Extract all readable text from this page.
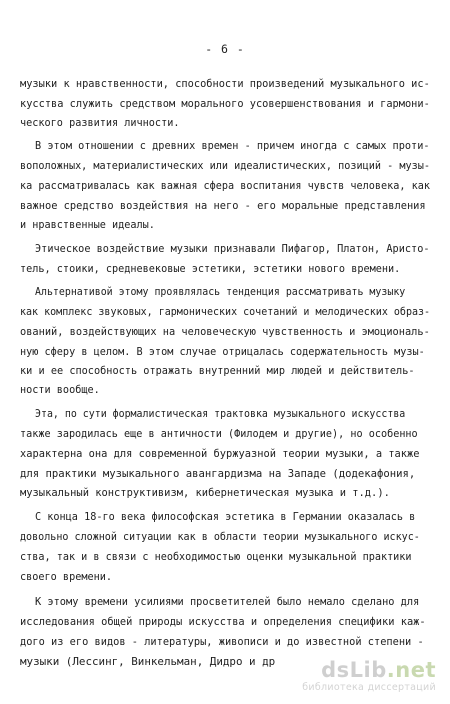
- 6 -
музыки к нравственности, способности произведений музыкального ис-
кусства служить средством морального усовершенствования и гармони-
ческого развития личности.
В этом отношении с древних времен - причем иногда с самых проти-
воположных, материалистических или идеалистических, позиций - музы-
ка рассматривалась как важная сфера воспитания чувств человека, как
важное средство воздействия на него - его моральные представления
и нравственные идеалы.
Этическое воздействие музыки признавали Пифагор, Платон, Аристо-
тель, стоики, средневековые эстетики, эстетики нового времени.
Альтернативой этому проявлялась тенденция рассматривать музыку
как комплекс звуковых, гармонических сочетаний и мелодических образ-
ований, воздействующих на человеческую чувственность и эмоциональ-
ную сферу в целом. В этом случае отрицалась содержательность музы-
ки и ее способность отражать внутренний мир людей и действитель-
ности вообще.
Эта, по сути формалистическая трактовка музыкального искусства
также зародилась еще в античности (Филодем и другие), но особенно
характерна она для современной буржуазной теории музыки, а также
для практики музыкального авангардизма на Западе (додекафония,
музыкальный конструктивизм, кибернетическая музыка и т.д.).
С конца 18-го века философская эстетика в Германии оказалась в
довольно сложной ситуации как в области теории музыкального искус-
ства, так и в связи с необходимостью оценки музыкальной практики
своего времени.
К этому времени усилиями просветителей было немало сделано для
исследования общей природы искусства и определения специфики каж-
дого из его видов - литературы, живописи и до известной степени -
музыки (Лессинг, Винкельман, Дидро и др dsLib.net
библиотека диссертаций
